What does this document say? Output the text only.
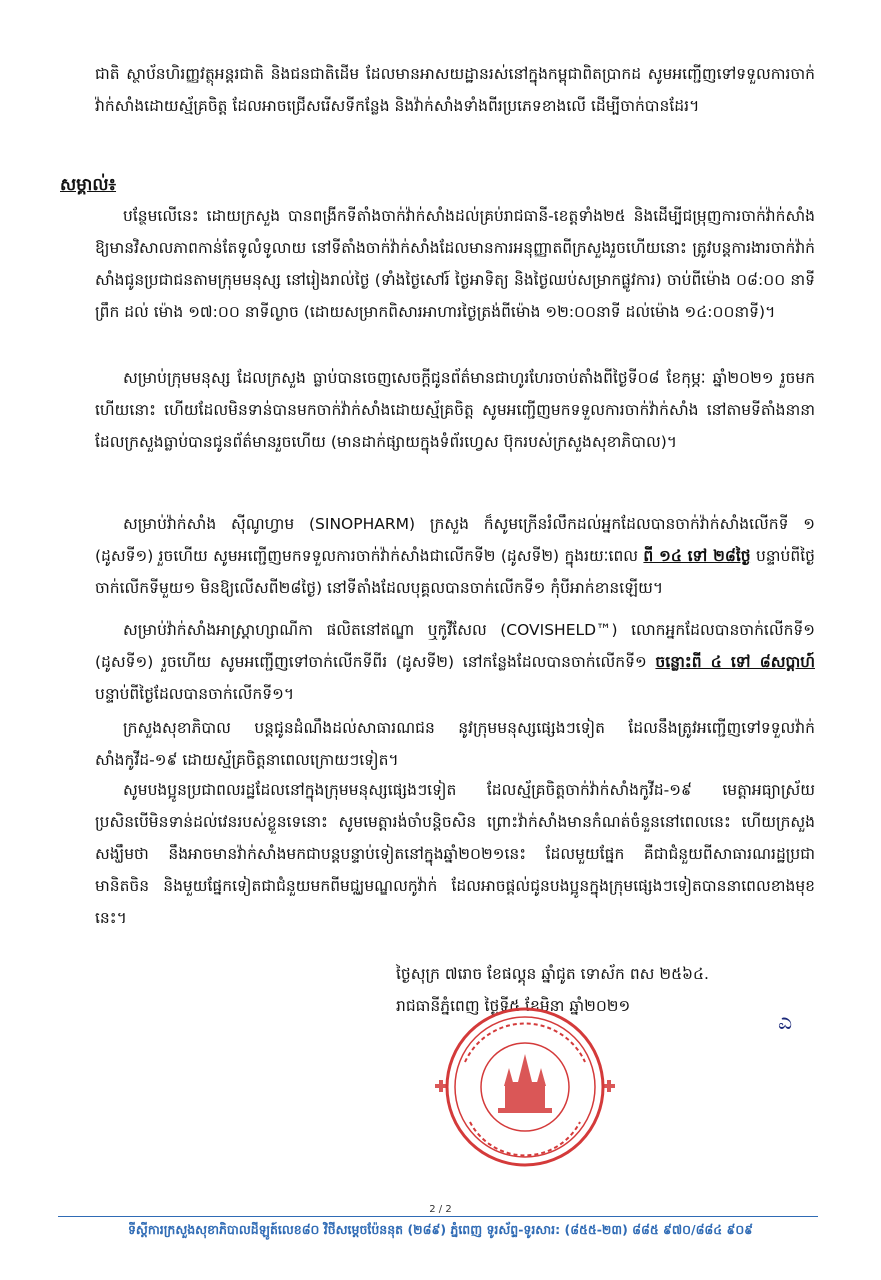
ជាតិ ស្ថាប័នហិរញ្ញវត្ថុអន្តរជាតិ និងជនជាតិដើម ដែលមានអាសយដ្ឋានរស់នៅក្នុងកម្ពុជាពិតប្រាកដ សូមអញ្ជើញទៅទទួលការចាក់វ៉ាក់សាំងដោយស្ម័គ្រចិត្ត ដែលអាចជ្រើសរើសទីកន្លែង និងវ៉ាក់សាំងទាំងពីរប្រភេទខាងលើ ដើម្បីចាក់បានដែរ។

សម្គាល់៖

បន្ថែមលើនេះ ដោយក្រសួង បានពង្រីកទីតាំងចាក់វ៉ាក់សាំងដល់គ្រប់រាជធានី-ខេត្តទាំង២៥ និងដើម្បីជម្រុញការចាក់វ៉ាក់សាំងឱ្យមានវិសាលភាពកាន់តែទូលំទូលាយ នៅទីតាំងចាក់វ៉ាក់សាំងដែលមានការអនុញ្ញាតពីក្រសួងរួចហើយនោះ ត្រូវបន្តការងារចាក់វ៉ាក់សាំងជូនប្រជាជនតាមក្រុមមនុស្ស នៅរៀងរាល់ថ្ងៃ (ទាំងថ្ងៃសៅរ៍ ថ្ងៃអាទិត្យ និងថ្ងៃឈប់សម្រាកផ្លូវការ) ចាប់ពីម៉ោង ០៨:០០ នាទីព្រឹក ដល់ ម៉ោង ១៧:០០ នាទីល្ងាច (ដោយសម្រាកពិសារអាហារថ្ងៃត្រង់ពីម៉ោង ១២:០០នាទី ដល់ម៉ោង ១៤:០០នាទី)។

សម្រាប់ក្រុមមនុស្ស ដែលក្រសួង ធ្លាប់បានចេញសេចក្តីជូនព័ត៌មានជាហូរហែរចាប់តាំងពីថ្ងៃទី០៨ ខែកុម្ភៈ ឆ្នាំ២០២១ រួចមកហើយនោះ ហើយដែលមិនទាន់បានមកចាក់វ៉ាក់សាំងដោយស្ម័គ្រចិត្ត សូមអញ្ជើញមកទទួលការចាក់វ៉ាក់សាំង នៅតាមទីតាំងនានាដែលក្រសួងធ្លាប់បានជូនព័ត៌មានរួចហើយ (មានដាក់ផ្សាយក្នុងទំព័រហ្វេស ប៊ុករបស់ក្រសួងសុខាភិបាល)។

សម្រាប់វ៉ាក់សាំង ស៊ីណូហ្វាម (SINOPHARM) ក្រសួង ក៏សូមក្រើនរំលឹកដល់អ្នកដែលបានចាក់វ៉ាក់សាំងលើកទី ១ (ដូសទី១) រួចហើយ សូមអញ្ជើញមកទទួលការចាក់វ៉ាក់សាំងជាលើកទី២ (ដូសទី២) ក្នុងរយៈពេល ពី ១៤ ទៅ ២៨ថ្ងៃ បន្ទាប់ពីថ្ងៃចាក់លើកទីមួយ១ មិនឱ្យលើសពី២៨ថ្ងៃ) នៅទីតាំងដែលបុគ្គលបានចាក់លើកទី១ កុំបីអាក់ខានឡើយ។

សម្រាប់វ៉ាក់សាំងអាស្ត្រាហ្សាណីកា ផលិតនៅឥណ្ឌា ឬកូវីសែល (COVISHELD™) លោកអ្នកដែលបានចាក់លើកទី១ (ដូសទី១) រួចហើយ សូមអញ្ជើញទៅចាក់លើកទីពីរ (ដូសទី២) នៅកន្លែងដែលបានចាក់លើកទី១ ចន្លោះពី ៤ ទៅ ៨សប្តាហ៍ បន្ទាប់ពីថ្ងៃដែលបានចាក់លើកទី១។

ក្រសួងសុខាភិបាល បន្តជូនដំណឹងដល់សាធារណជន នូវក្រុមមនុស្សផ្សេងៗទៀត ដែលនឹងត្រូវអញ្ជើញទៅទទួលវ៉ាក់សាំងកូវីដ-១៩ ដោយស្ម័គ្រចិត្តនាពេលក្រោយៗទៀត។

សូមបងប្អូនប្រជាពលរដ្ឋដែលនៅក្នុងក្រុមមនុស្សផ្សេងៗទៀត ដែលស្ម័គ្រចិត្តចាក់វ៉ាក់សាំងកូវីដ-១៩ មេត្តាអធ្យាស្រ័យប្រសិនបើមិនទាន់ដល់វេនរបស់ខ្លួនទេនោះ សូមមេត្តារង់ចាំបន្តិចសិន ព្រោះវ៉ាក់សាំងមានកំណត់ចំនួននៅពេលនេះ ហើយក្រសួង សង្ឃឹមថា នឹងអាចមានវ៉ាក់សាំងមកជាបន្តបន្ទាប់ទៀតនៅក្នុងឆ្នាំ២០២១នេះ ដែលមួយផ្នែក គឺជាជំនួយពីសាធារណរដ្ឋប្រជាមានិតចិន និងមួយផ្នែកទៀតជាជំនួយមកពីមជ្ឈមណ្ឌលកូវ៉ាក់ ដែលអាចផ្តល់ជូនបងប្អូនក្នុងក្រុមផ្សេងៗទៀតបាននាពេលខាងមុខនេះ។

ថ្ងៃសុក្រ ៧រោច ខែផល្គុន ឆ្នាំជូត ទោស័ក ពស ២៥៦៤.

រាជធានីភ្នំពេញ ថ្ងៃទី៥ ខែមិនា ឆ្នាំ២០២១

ಎ
2 / 2
ទីស្តីការក្រសួងសុខាភិបាលដីឡូត៍លេខ៨០ វិថីសម្តេចប៉ែននុត (២៨៩) ភ្នំពេញ ទូរស័ព្ទ-ទូរសារ: (៨៥៥-២៣) ៨៨៥ ៩៧០/៨៨៤ ៩០៩
